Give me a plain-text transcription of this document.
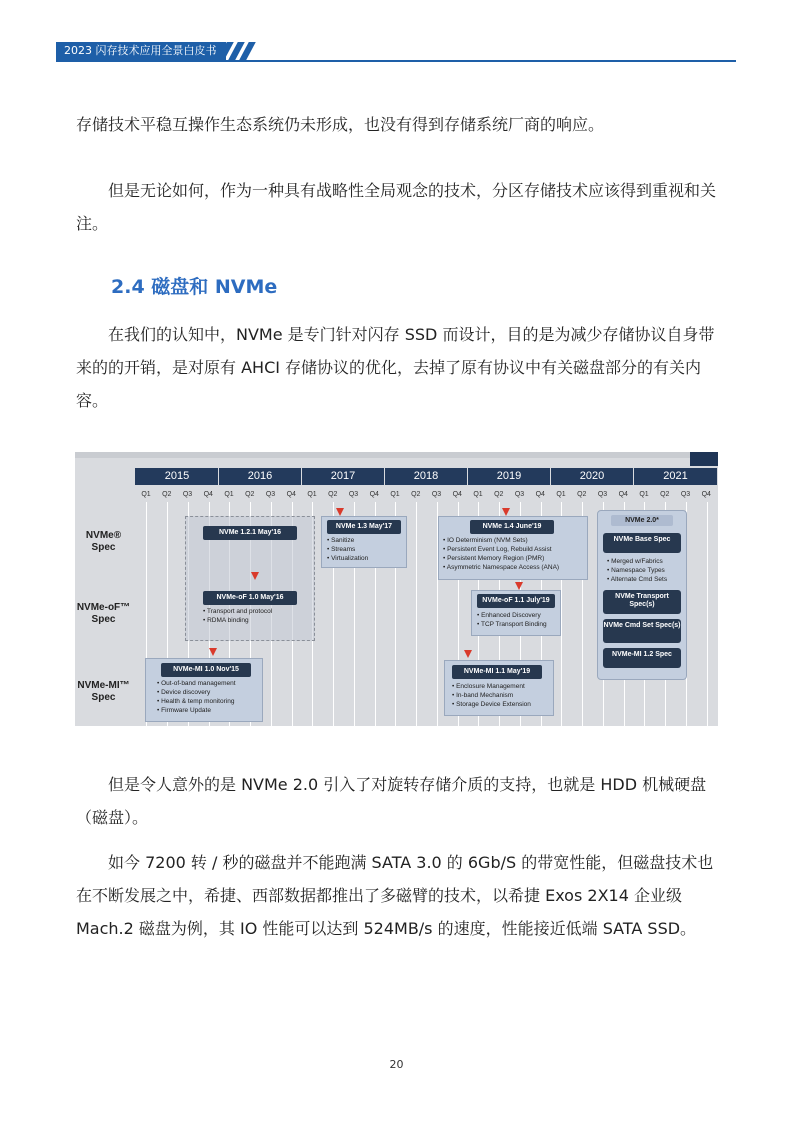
2023 闪存技术应用全景白皮书
存储技术平稳互操作生态系统仍未形成，也没有得到存储系统厂商的响应。
但是无论如何，作为一种具有战略性全局观念的技术，分区存储技术应该得到重视和关注。
2.4 磁盘和 NVMe
在我们的认知中，NVMe 是专门针对闪存 SSD 而设计，目的是为减少存储协议自身带来的的开销，是对原有 AHCI 存储协议的优化，去掉了原有协议中有关磁盘部分的有关内容。
2015	2016	2017	2018	2019	2020	2021
NVMe® Spec
NVMe-oF™ Spec
NVMe-MI™ Spec
NVMe 1.2.1 May'16
NVMe-oF 1.0 May'16
• Transport and protocol
• RDMA binding
NVMe 1.3 May'17
• Sanitize
• Streams
• Virtualization
NVMe 1.4 June'19
• IO Determinism (NVM Sets)
• Persistent Event Log, Rebuild Assist
• Persistent Memory Region (PMR)
• Asymmetric Namespace Access (ANA)
NVMe-oF 1.1 July'19
• Enhanced Discovery
• TCP Transport Binding
NVMe-MI 1.0 Nov'15
• Out-of-band management
• Device discovery
• Health & temp monitoring
• Firmware Update
NVMe-MI 1.1 May'19
• Enclosure Management
• In-band Mechanism
• Storage Device Extension
NVMe 2.0*
NVMe Base Spec
• Merged w/Fabrics
• Namespace Types
• Alternate Cmd Sets
NVMe Transport Spec(s)
NVMe Cmd Set Spec(s)
NVMe-MI 1.2 Spec
Q1	Q2	Q3	Q4	Q1	Q2	Q3	Q4	Q1	Q2	Q3	Q4	Q1	Q2	Q3	Q4	Q1	Q2	Q3	Q4	Q1	Q2	Q3	Q4	Q1	Q2	Q3	Q4
但是令人意外的是 NVMe 2.0 引入了对旋转存储介质的支持，也就是 HDD 机械硬盘（磁盘）。
如今 7200 转 / 秒的磁盘并不能跑满 SATA 3.0 的 6Gb/S 的带宽性能，但磁盘技术也在不断发展之中，希捷、西部数据都推出了多磁臂的技术，以希捷 Exos 2X14 企业级 Mach.2 磁盘为例，其 IO 性能可以达到 524MB/s 的速度，性能接近低端 SATA SSD。
20
